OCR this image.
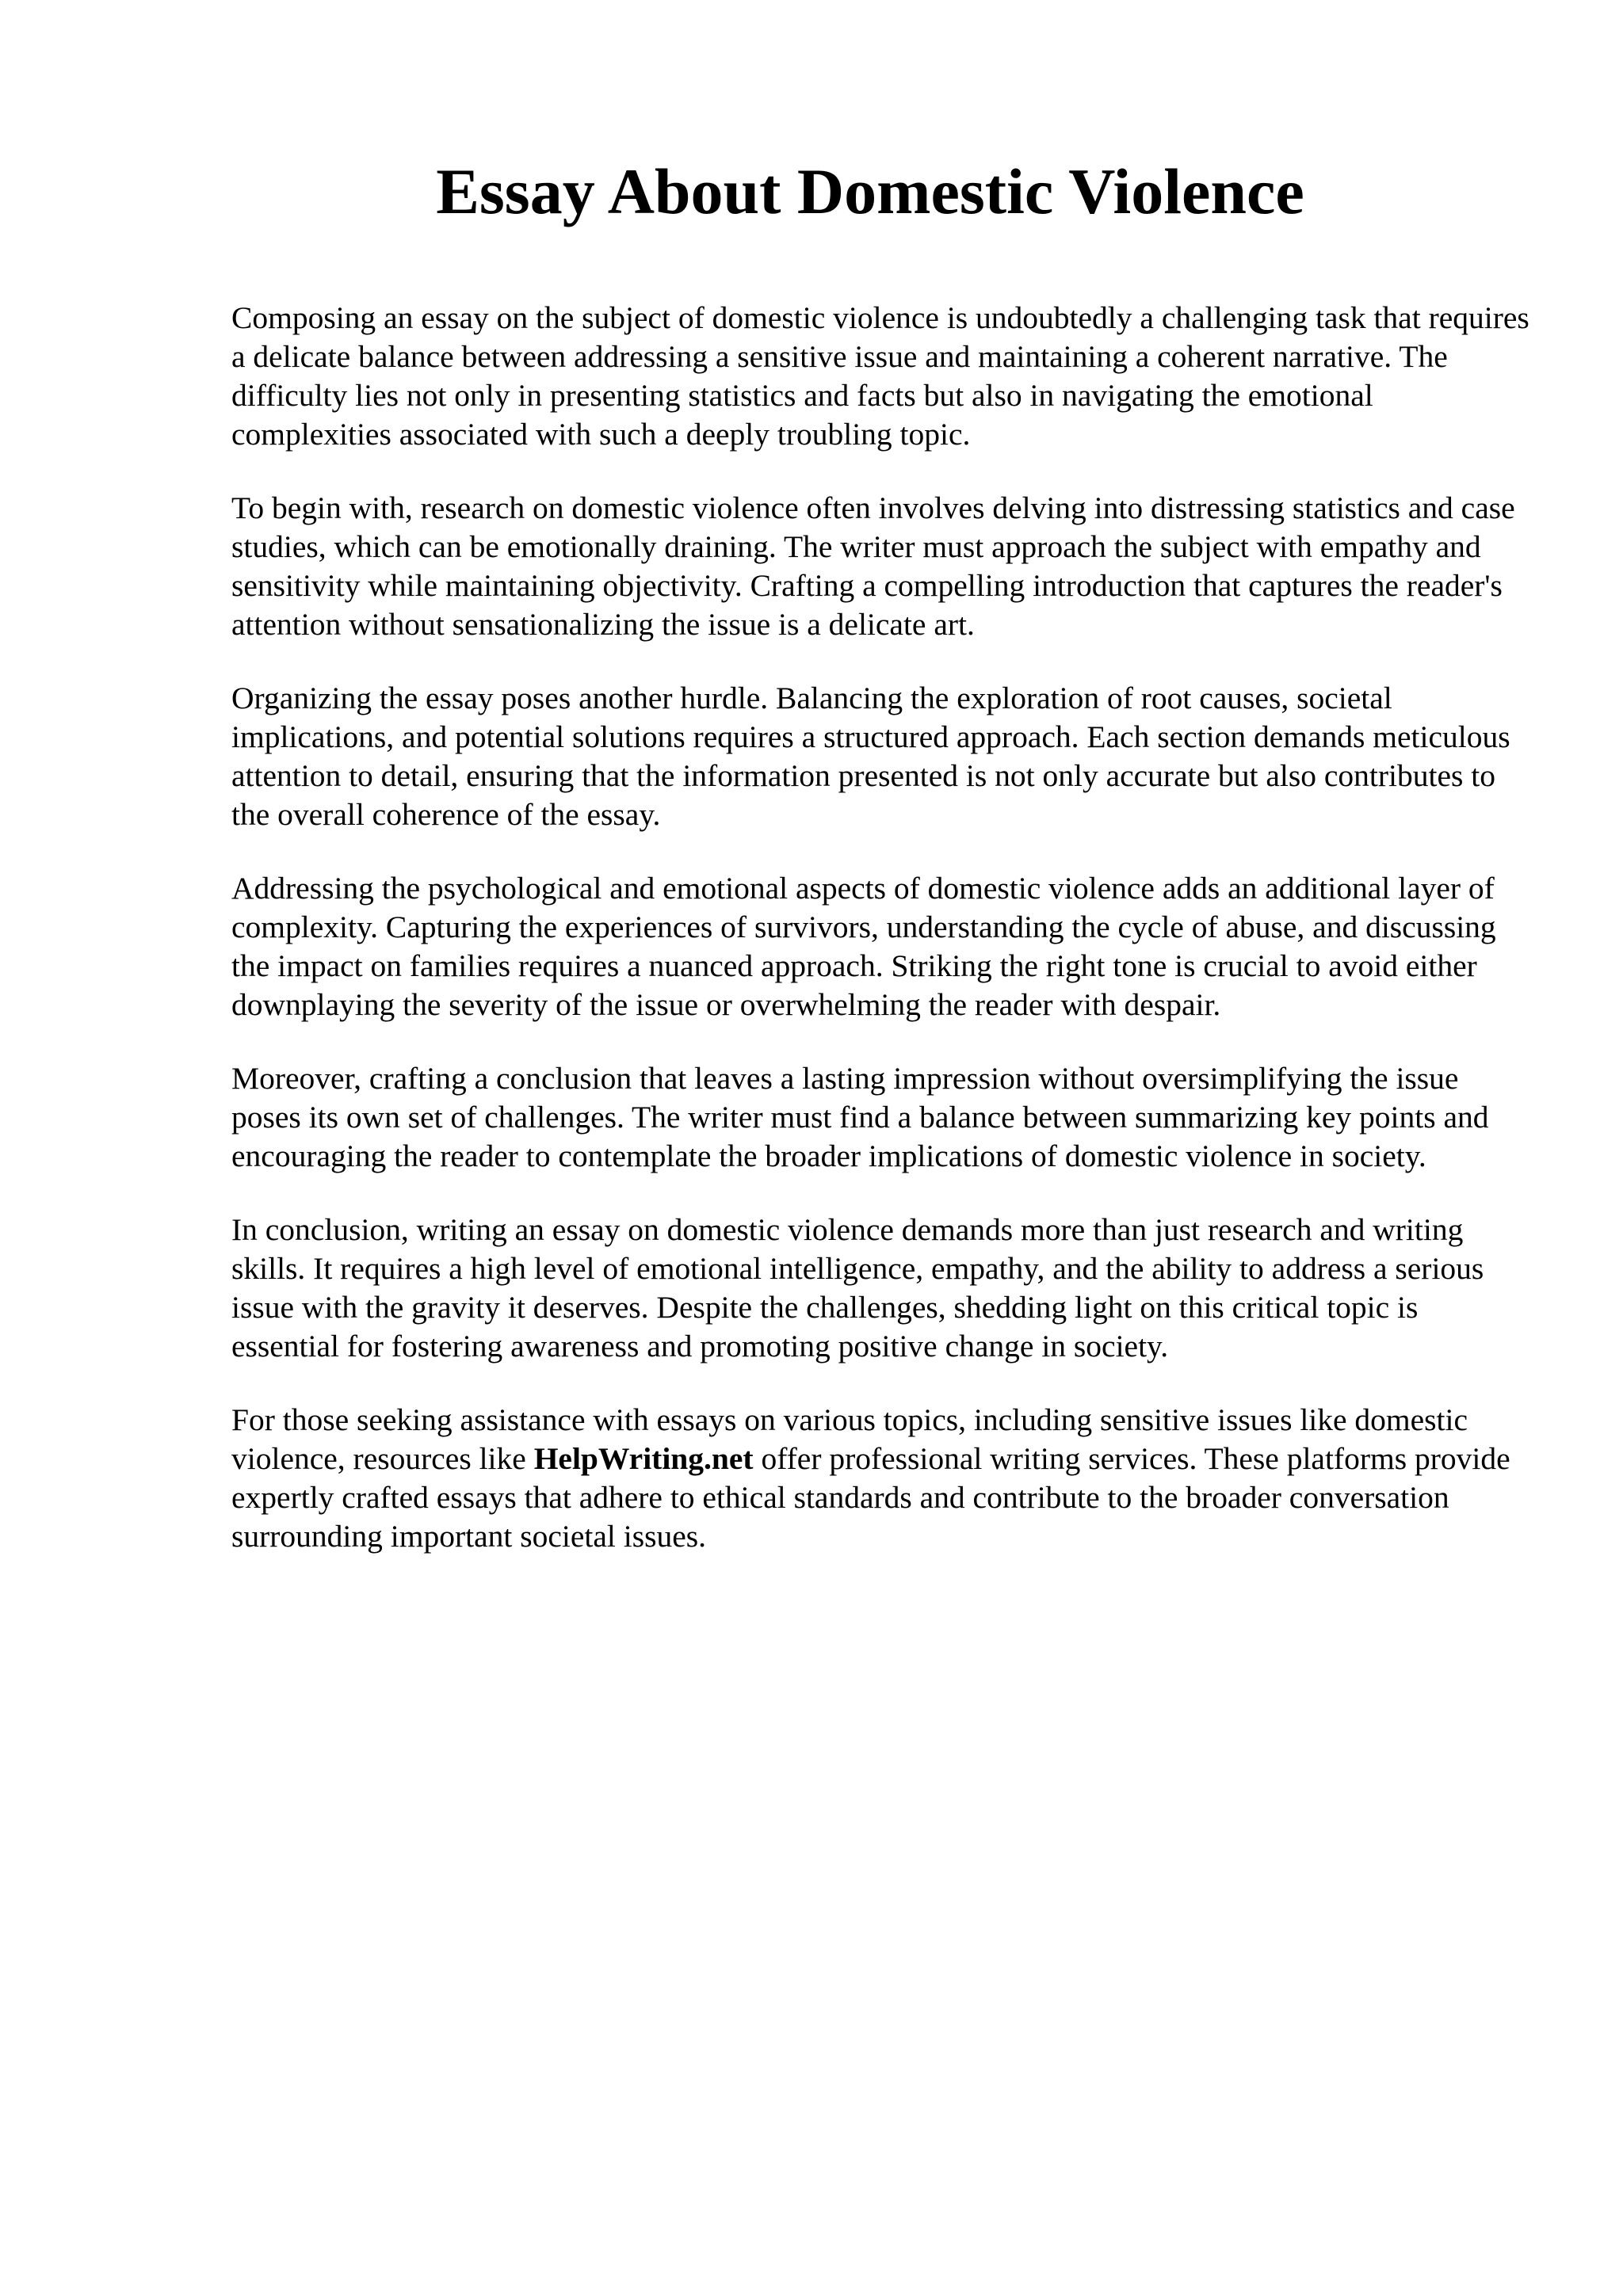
Essay About Domestic Violence

Composing an essay on the subject of domestic violence is undoubtedly a challenging task that requires a delicate balance between addressing a sensitive issue and maintaining a coherent narrative. The difficulty lies not only in presenting statistics and facts but also in navigating the emotional complexities associated with such a deeply troubling topic.

To begin with, research on domestic violence often involves delving into distressing statistics and case studies, which can be emotionally draining. The writer must approach the subject with empathy and sensitivity while maintaining objectivity. Crafting a compelling introduction that captures the reader's attention without sensationalizing the issue is a delicate art.

Organizing the essay poses another hurdle. Balancing the exploration of root causes, societal implications, and potential solutions requires a structured approach. Each section demands meticulous attention to detail, ensuring that the information presented is not only accurate but also contributes to the overall coherence of the essay.

Addressing the psychological and emotional aspects of domestic violence adds an additional layer of complexity. Capturing the experiences of survivors, understanding the cycle of abuse, and discussing the impact on families requires a nuanced approach. Striking the right tone is crucial to avoid either downplaying the severity of the issue or overwhelming the reader with despair.

Moreover, crafting a conclusion that leaves a lasting impression without oversimplifying the issue poses its own set of challenges. The writer must find a balance between summarizing key points and encouraging the reader to contemplate the broader implications of domestic violence in society.

In conclusion, writing an essay on domestic violence demands more than just research and writing skills. It requires a high level of emotional intelligence, empathy, and the ability to address a serious issue with the gravity it deserves. Despite the challenges, shedding light on this critical topic is essential for fostering awareness and promoting positive change in society.

For those seeking assistance with essays on various topics, including sensitive issues like domestic violence, resources like HelpWriting.net offer professional writing services. These platforms provide expertly crafted essays that adhere to ethical standards and contribute to the broader conversation surrounding important societal issues.
